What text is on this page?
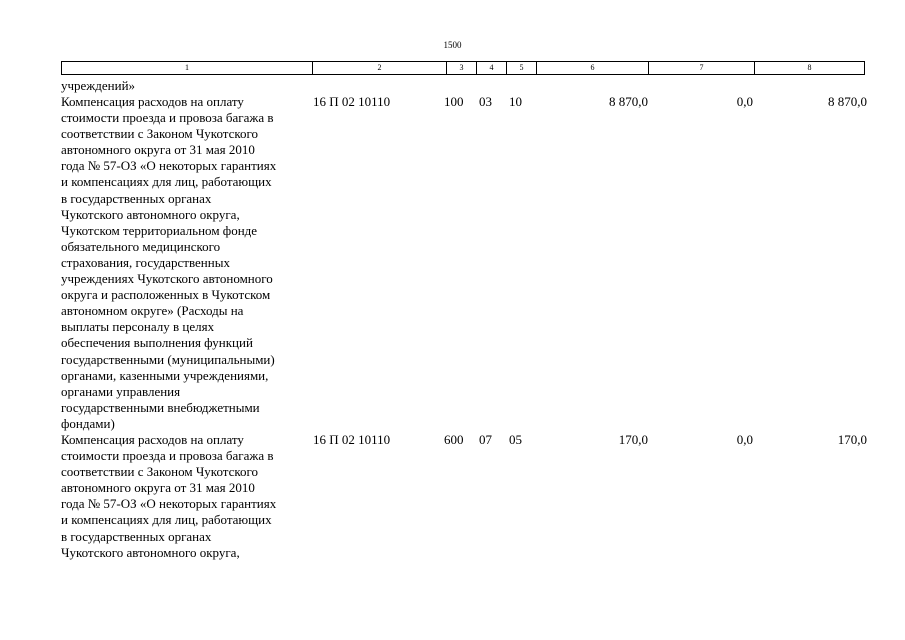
1500
1	2	3	4	5	6	7	8
учреждений»
Компенсация расходов на оплату
стоимости проезда и провоза багажа в
соответствии с Законом Чукотского
автономного округа от 31 мая 2010
года № 57-ОЗ «О некоторых гарантиях
и компенсациях для лиц, работающих
в государственных органах
Чукотского автономного округа,
Чукотском территориальном фонде
обязательного медицинского
страхования, государственных
учреждениях Чукотского автономного
округа и расположенных в Чукотском
автономном округе» (Расходы на
выплаты персоналу в целях
обеспечения выполнения функций
государственными (муниципальными)
органами, казенными учреждениями,
органами управления
государственными внебюджетными
фондами)
16 П 02 10110	100 03 10	8 870,0	0,0	8 870,0
Компенсация расходов на оплату
стоимости проезда и провоза багажа в
соответствии с Законом Чукотского
автономного округа от 31 мая 2010
года № 57-ОЗ «О некоторых гарантиях
и компенсациях для лиц, работающих
в государственных органах
Чукотского автономного округа,
16 П 02 10110	600 07 05	170,0	0,0	170,0
